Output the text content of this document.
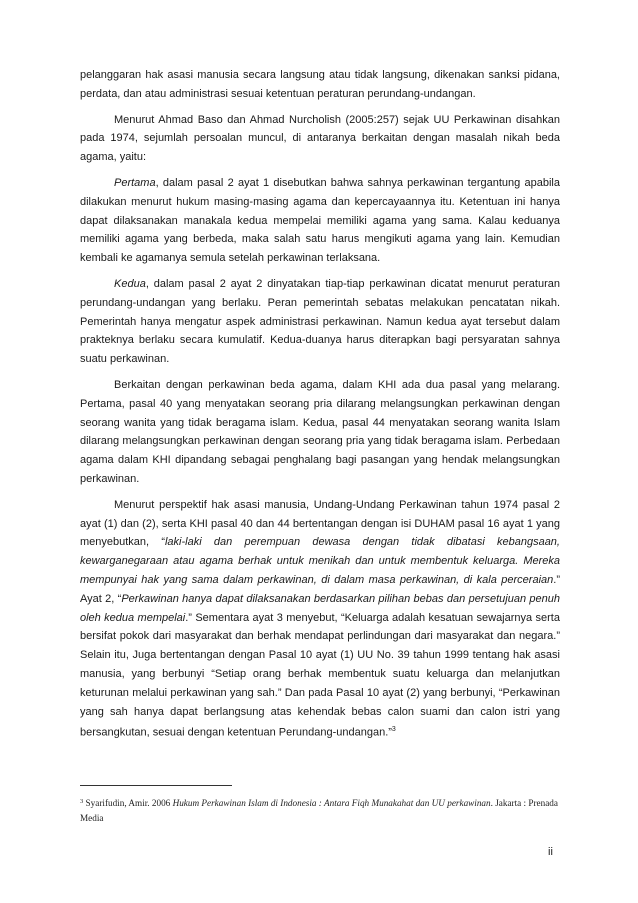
pelanggaran hak asasi manusia secara langsung atau tidak langsung, dikenakan sanksi pidana, perdata, dan atau administrasi sesuai ketentuan peraturan perundang-undangan.

Menurut Ahmad Baso dan Ahmad Nurcholish (2005:257) sejak UU Perkawinan disahkan pada 1974, sejumlah persoalan muncul, di antaranya berkaitan dengan masalah nikah beda agama, yaitu:

Pertama, dalam pasal 2 ayat 1 disebutkan bahwa sahnya perkawinan tergantung apabila dilakukan menurut hukum masing-masing agama dan kepercayaannya itu. Ketentuan ini hanya dapat dilaksanakan manakala kedua mempelai memiliki agama yang sama. Kalau keduanya memiliki agama yang berbeda, maka salah satu harus mengikuti agama yang lain. Kemudian kembali ke agamanya semula setelah perkawinan terlaksana.

Kedua, dalam pasal 2 ayat 2 dinyatakan tiap-tiap perkawinan dicatat menurut peraturan perundang-undangan yang berlaku. Peran pemerintah sebatas melakukan pencatatan nikah. Pemerintah hanya mengatur aspek administrasi perkawinan. Namun kedua ayat tersebut dalam prakteknya berlaku secara kumulatif. Kedua-duanya harus diterapkan bagi persyaratan sahnya suatu perkawinan.

Berkaitan dengan perkawinan beda agama, dalam KHI ada dua pasal yang melarang. Pertama, pasal 40 yang menyatakan seorang pria dilarang melangsungkan perkawinan dengan seorang wanita yang tidak beragama islam. Kedua, pasal 44 menyatakan seorang wanita Islam dilarang melangsungkan perkawinan dengan seorang pria yang tidak beragama islam. Perbedaan agama dalam KHI dipandang sebagai penghalang bagi pasangan yang hendak melangsungkan perkawinan.

Menurut perspektif hak asasi manusia, Undang-Undang Perkawinan tahun 1974 pasal 2 ayat (1) dan (2), serta KHI pasal 40 dan 44 bertentangan dengan isi DUHAM pasal 16 ayat 1 yang menyebutkan, “laki-laki dan perempuan dewasa dengan tidak dibatasi kebangsaan, kewarganegaraan atau agama berhak untuk menikah dan untuk membentuk keluarga. Mereka mempunyai hak yang sama dalam perkawinan, di dalam masa perkawinan, di kala perceraian.” Ayat 2, “Perkawinan hanya dapat dilaksanakan berdasarkan pilihan bebas dan persetujuan penuh oleh kedua mempelai.” Sementara ayat 3 menyebut, “Keluarga adalah kesatuan sewajarnya serta bersifat pokok dari masyarakat dan berhak mendapat perlindungan dari masyarakat dan negara.” Selain itu, Juga bertentangan dengan Pasal 10 ayat (1) UU No. 39 tahun 1999 tentang hak asasi manusia, yang berbunyi “Setiap orang berhak membentuk suatu keluarga dan melanjutkan keturunan melalui perkawinan yang sah.” Dan pada Pasal 10 ayat (2) yang berbunyi, “Perkawinan yang sah hanya dapat berlangsung atas kehendak bebas calon suami dan calon istri yang bersangkutan, sesuai dengan ketentuan Perundang-undangan.”$^3$

$^3$ Syarifudin, Amir. 2006 Hukum Perkawinan Islam di Indonesia : Antara Fiqh Munakahat dan UU perkawinan. Jakarta : Prenada Media
ii
